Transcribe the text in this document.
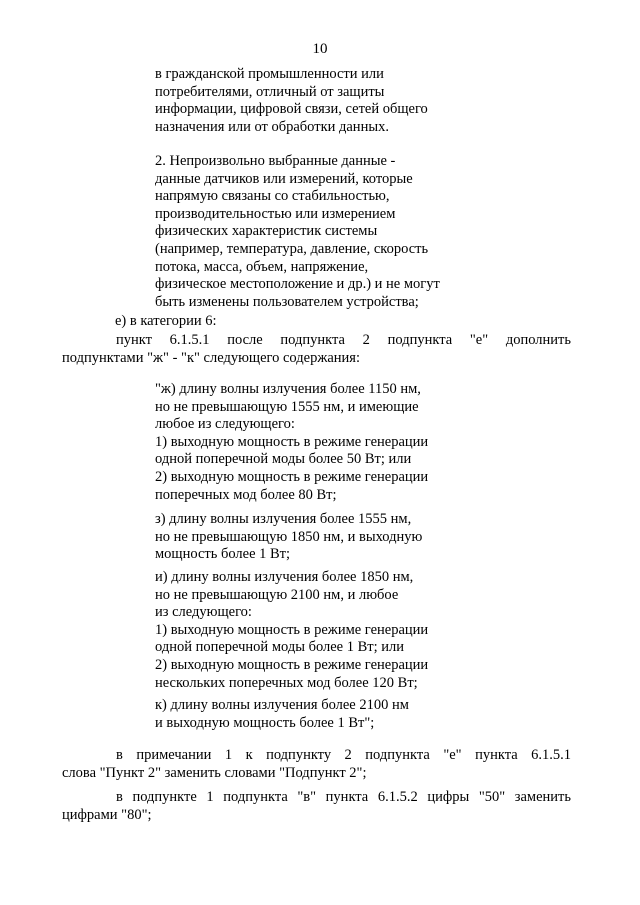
10
в гражданской промышленности или
потребителями, отличный от защиты
информации, цифровой связи, сетей общего
назначения или от обработки данных.
2. Непроизвольно выбранные данные -
данные датчиков или измерений, которые
напрямую связаны со стабильностью,
производительностью или измерением
физических характеристик системы
(например, температура, давление, скорость
потока, масса, объем, напряжение,
физическое местоположение и др.) и не могут
быть изменены пользователем устройства;
е) в категории 6:
пункт 6.1.5.1 после подпункта 2 подпункта "е" дополнить
подпунктами "ж" - "к" следующего содержания:
"ж) длину волны излучения более 1150 нм,
но не превышающую 1555 нм, и имеющие
любое из следующего:
1) выходную мощность в режиме генерации
одной поперечной моды более 50 Вт; или
2) выходную мощность в режиме генерации
поперечных мод более 80 Вт;
з) длину волны излучения более 1555 нм,
но не превышающую 1850 нм, и выходную
мощность более 1 Вт;
и) длину волны излучения более 1850 нм,
но не превышающую 2100 нм, и любое
из следующего:
1) выходную мощность в режиме генерации
одной поперечной моды более 1 Вт; или
2) выходную мощность в режиме генерации
нескольких поперечных мод более 120 Вт;
к) длину волны излучения более 2100 нм
и выходную мощность более 1 Вт";
в примечании 1 к подпункту 2 подпункта "е" пункта 6.1.5.1
слова "Пункт 2" заменить словами "Подпункт 2";
в подпункте 1 подпункта "в" пункта 6.1.5.2 цифры "50" заменить
цифрами "80";
